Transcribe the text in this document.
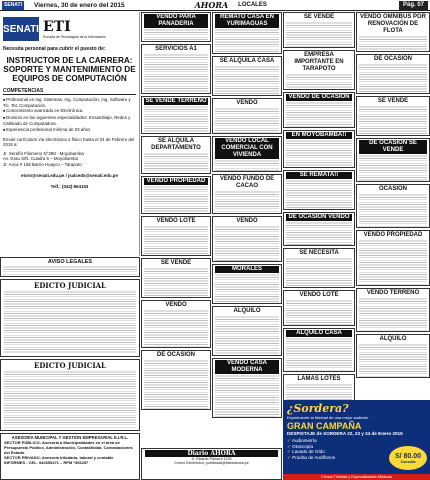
SENATI	Viernes, 30 de enero del 2015	AHORA LOCALES	Pág. 07
SENATI ETI
Escuela de Tecnologías de la Información
Necesita personal para cubrir el puesto de:
INSTRUCTOR DE LA CARRERA: SOPORTE Y MANTENIMIENTO DE EQUIPOS DE COMPUTACIÓN
COMPETENCIAS
■ Profesional en Ing. Sistemas, Ing. Computación, Ing. Software y Tic. Tec Computación.
■ Conocimiento avanzado en Electrónica.
■ Dominio en las siguientes especialidades: Ensambiaje, Redes y Cableado de Computadora.
■ Experiencia profesional mínima de 03 años
Enviar currículum vía electrónica o físico hasta el 04 de Febrero del 2015 a:
Jr. Serafín Filomeno N°390 - Moyobamba
Av. Grau S/N. Cuadra 5 – Moyobamba
Jr. Arica # 165 Barrio Huayco – Tarapoto
etoro@senati.edu.pe / jsalcedo@senati.edu.pe
Telf.: (042)-564153
AVISO LEGALES
EDICTO JUDICIAL
EDICTO JUDICIAL
ASESORÍA MUNICIPAL Y GESTIÓN EMPRESARIAL E.I.R.L.
SECTOR PÚBLICO: Asesoría a Municipalidades en el área de Presupuesto Público, Administración, Contabilidad, Contrataciones del Estado.
SECTOR PRIVADO: Asesoría tributaria, laboral y contable
INFORMES : CEL. 942655471 – RPM *306297
VENDO PARA PANADERIA
SERVICIOS A1
SE VENDE TERRENO
SE ALQUILA DEPARTAMENTO
VENDO PROPIEDAD
VENDO LOTE
SE VENDE
VENDO
DE OCASIÓN
REMATO CASA EN YURIMAGUAS
SE ALQUILA CASA
VENDO
VENDO LOCAL COMERCIAL CON VIVIENDA
VENDO FUNDO DE CACAO
VENDO
MORALES
ALQUILO
VENDO CASA MODERNA
SE VENDE
EMPRESA IMPORTANTE EN TARAPOTO
VENDO DE OCASIÓN
EN MOYOBAMBA!!
SE REMATA!!
DE OCASIÓN VENDO
SE NECESITA
VENDO LOTE
ALQUILO CASA
LAMAS LOTES
VENDO OMNIBUS POR RENOVACIÓN DE FLOTA
DE OCASIÓN
SE VENDE
DE OCASIÓN SE VENDE
OCASIÓN
VENDO PROPIEDAD
VENDO TERRENO
ALQUILO
¿Sordera?
Experimente la libertad de una mejor audición
GRAN CAMPAÑA
DESPISTAJE de SORDERA 22, 23 y 24 de Enero 2015
✓ Audiometría
✓ Otoscopía
✓ Lavado de Oído
✓ Prueba de Audífonos	S/ 80.00
Consulta
Clínica Trinidad y Especialidades Médicas
Diario AHORA
Jr. Ricardo Palma # 1199
Correo Electrónico: publicidad@diarioahora.pe
